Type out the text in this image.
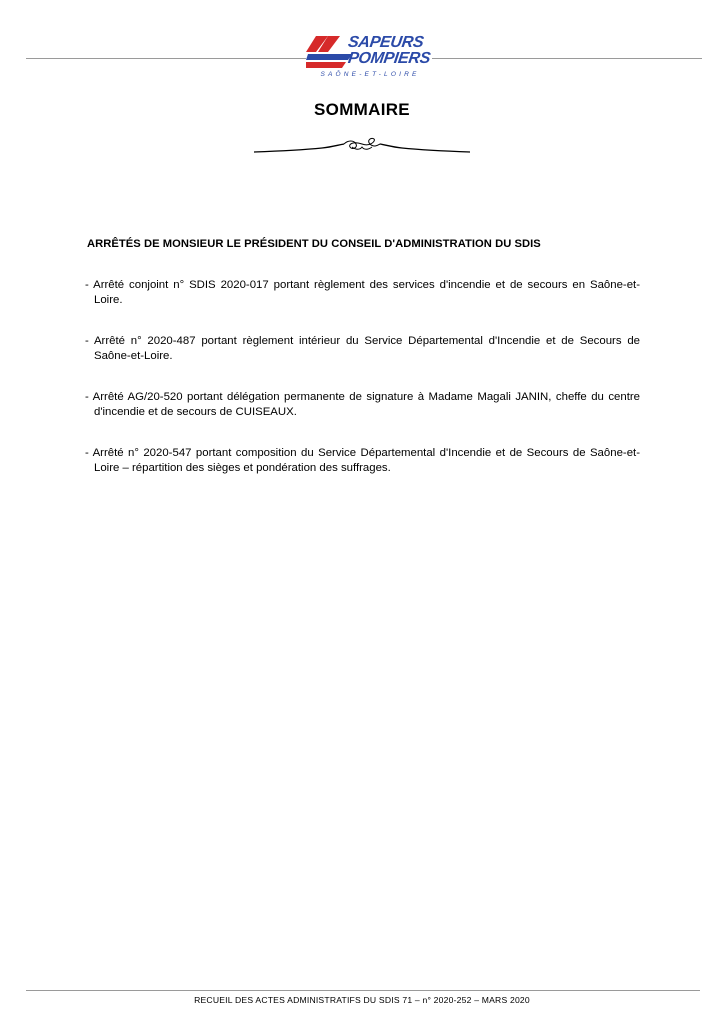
SAPEURS
POMPIERS
SAÔNE-ET-LOIRE
SOMMAIRE
ARRÊTÉS DE MONSIEUR LE PRÉSIDENT DU CONSEIL D'ADMINISTRATION DU SDIS
- Arrêté conjoint n° SDIS 2020-017 portant règlement des services d'incendie et de secours en Saône-et-Loire.
- Arrêté n° 2020-487 portant règlement intérieur du Service Départemental d'Incendie et de Secours de Saône-et-Loire.
- Arrêté AG/20-520 portant délégation permanente de signature à Madame Magali JANIN, cheffe du centre d'incendie et de secours de CUISEAUX.
- Arrêté n° 2020-547 portant composition du Service Départemental d'Incendie et de Secours de Saône-et-Loire – répartition des sièges et pondération des suffrages.
RECUEIL DES ACTES ADMINISTRATIFS DU SDIS 71 – n° 2020-252 – MARS 2020
